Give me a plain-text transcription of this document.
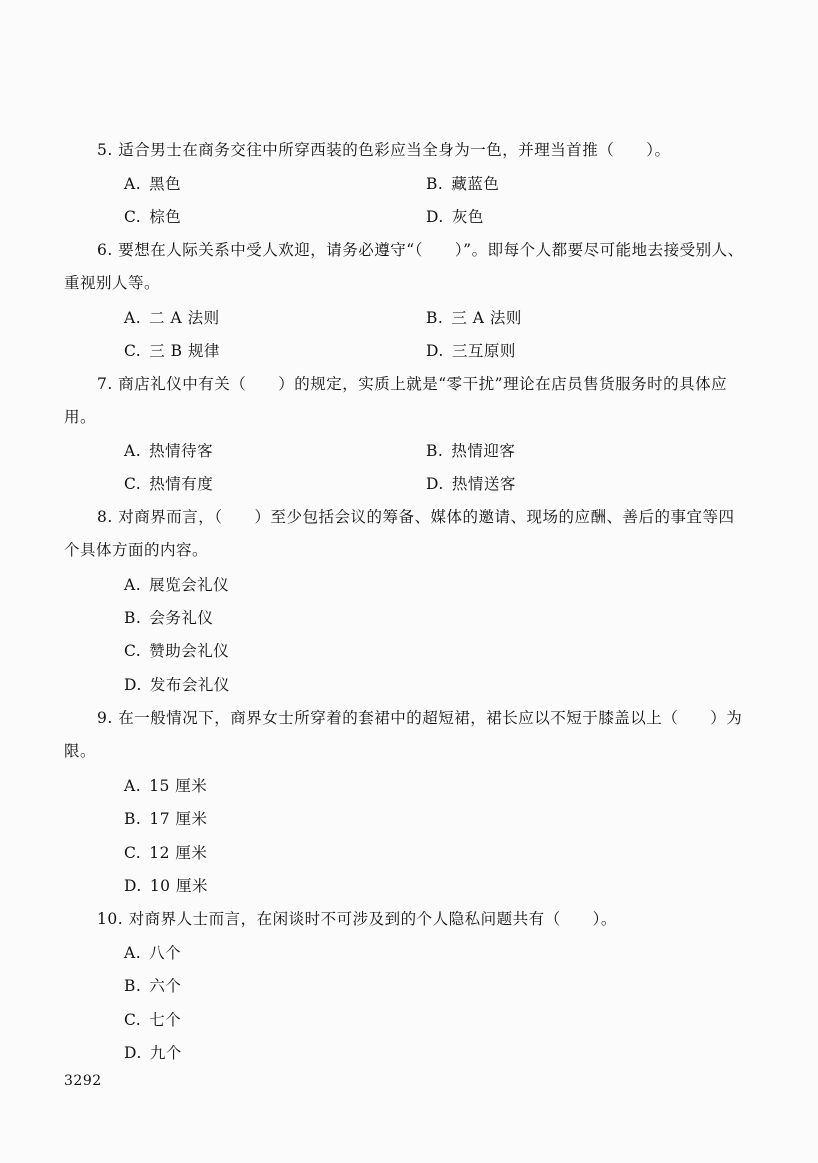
5. 适合男士在商务交往中所穿西装的色彩应当全身为一色，并理当首推（　　）。
A. 黑色	B. 藏蓝色
C. 棕色	D. 灰色
6. 要想在人际关系中受人欢迎，请务必遵守“（　　）”。即每个人都要尽可能地去接受别人、重视别人等。
A. 二 A 法则	B. 三 A 法则
C. 三 B 规律	D. 三互原则
7. 商店礼仪中有关（　　）的规定，实质上就是“零干扰”理论在店员售货服务时的具体应用。
A. 热情待客	B. 热情迎客
C. 热情有度	D. 热情送客
8. 对商界而言，（　　）至少包括会议的筹备、媒体的邀请、现场的应酬、善后的事宜等四个具体方面的内容。
A. 展览会礼仪
B. 会务礼仪
C. 赞助会礼仪
D. 发布会礼仪
9. 在一般情况下，商界女士所穿着的套裙中的超短裙，裙长应以不短于膝盖以上（　　）为限。
A. 15 厘米
B. 17 厘米
C. 12 厘米
D. 10 厘米
10. 对商界人士而言，在闲谈时不可涉及到的个人隐私问题共有（　　）。
A. 八个
B. 六个
C. 七个
D. 九个
3292
